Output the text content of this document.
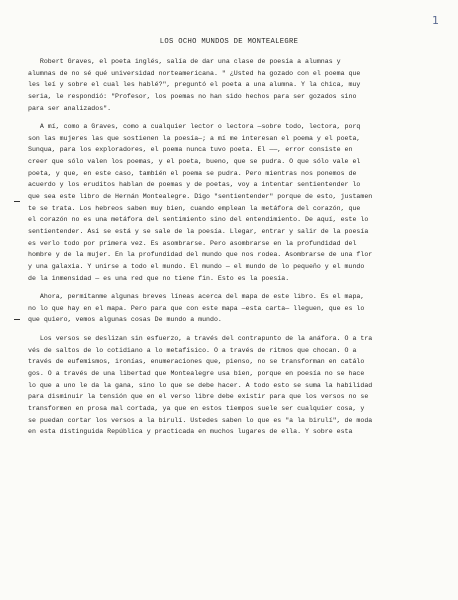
1
LOS OCHO MUNDOS DE MONTEALEGRE
Robert Graves, el poeta inglés, salía de dar una clase de poesía a alumnas y
alumnas de no sé qué universidad norteamericana. " ¿Usted ha gozado con el poema que
les leí y sobre el cual les hablé?", preguntó el poeta a una alumna. Y la chica, muy
seria, le respondió: "Profesor, los poemas no han sido hechos para ser gozados sino
para ser analizados".
A mí, como a Graves, como a cualquier lector o lectora —sobre todo, lectora, porq
son las mujeres las que sostienen la poesía—; a mí me interesan el poema y el poeta,
Sunqua, para los exploradores, el poema nunca tuvo poeta. El ——, error consiste en
creer que sólo valen los poemas, y el poeta, bueno, que se pudra. O que sólo vale el
poeta, y que, en este caso, también el poema se pudra. Pero mientras nos ponemos de
acuerdo y los eruditos hablan de poemas y de poetas, voy a intentar sentientender lo
que sea este libro de Hernán Montealegre. Digo "sentientender" porque de esto, justamen
te se trata. Los hebreos saben muy bien, cuando emplean la metáfora del corazón, que
el corazón no es una metáfora del sentimiento sino del entendimiento. De aquí, este lo
sentientender. Así se está y se sale de la poesía. Llegar, entrar y salir de la poesía
es verlo todo por primera vez. Es asombrarse. Pero asombrarse en la profundidad del
hombre y de la mujer. En la profundidad del mundo que nos rodea. Asombrarse de una flor
y una galaxia. Y unirse a todo el mundo. El mundo — el mundo de lo pequeño y el mundo
de la inmensidad — es una red que no tiene fin. Esto es la poesía.
Ahora, permítanme algunas breves líneas acerca del mapa de este libro. Es el mapa,
no lo que hay en el mapa. Pero para que con este mapa —esta carta— lleguen, que es lo
que quiero, vemos algunas cosas De mundo a mundo.
Los versos se deslizan sin esfuerzo, a través del contrapunto de la anáfora. O a tra
vés de saltos de lo cotidiano a lo metafísico. O a través de ritmos que chocan. O a
través de eufemismos, ironías, enumeraciones que, pienso, no se transforman en catálo
gos. O a través de una libertad que Montealegre usa bien, porque en poesía no se hace
lo que a uno le da la gana, sino lo que se debe hacer. A todo esto se suma la habilidad
para disminuir la tensión que en el verso libre debe existir para que los versos no se
transformen en prosa mal cortada, ya que en estos tiempos suele ser cualquier cosa, y
se puedan cortar los versos a la birulí. Ustedes saben lo que es "a la birulí", de moda
en esta distinguida República y practicada en muchos lugares de ella. Y sobre esta
